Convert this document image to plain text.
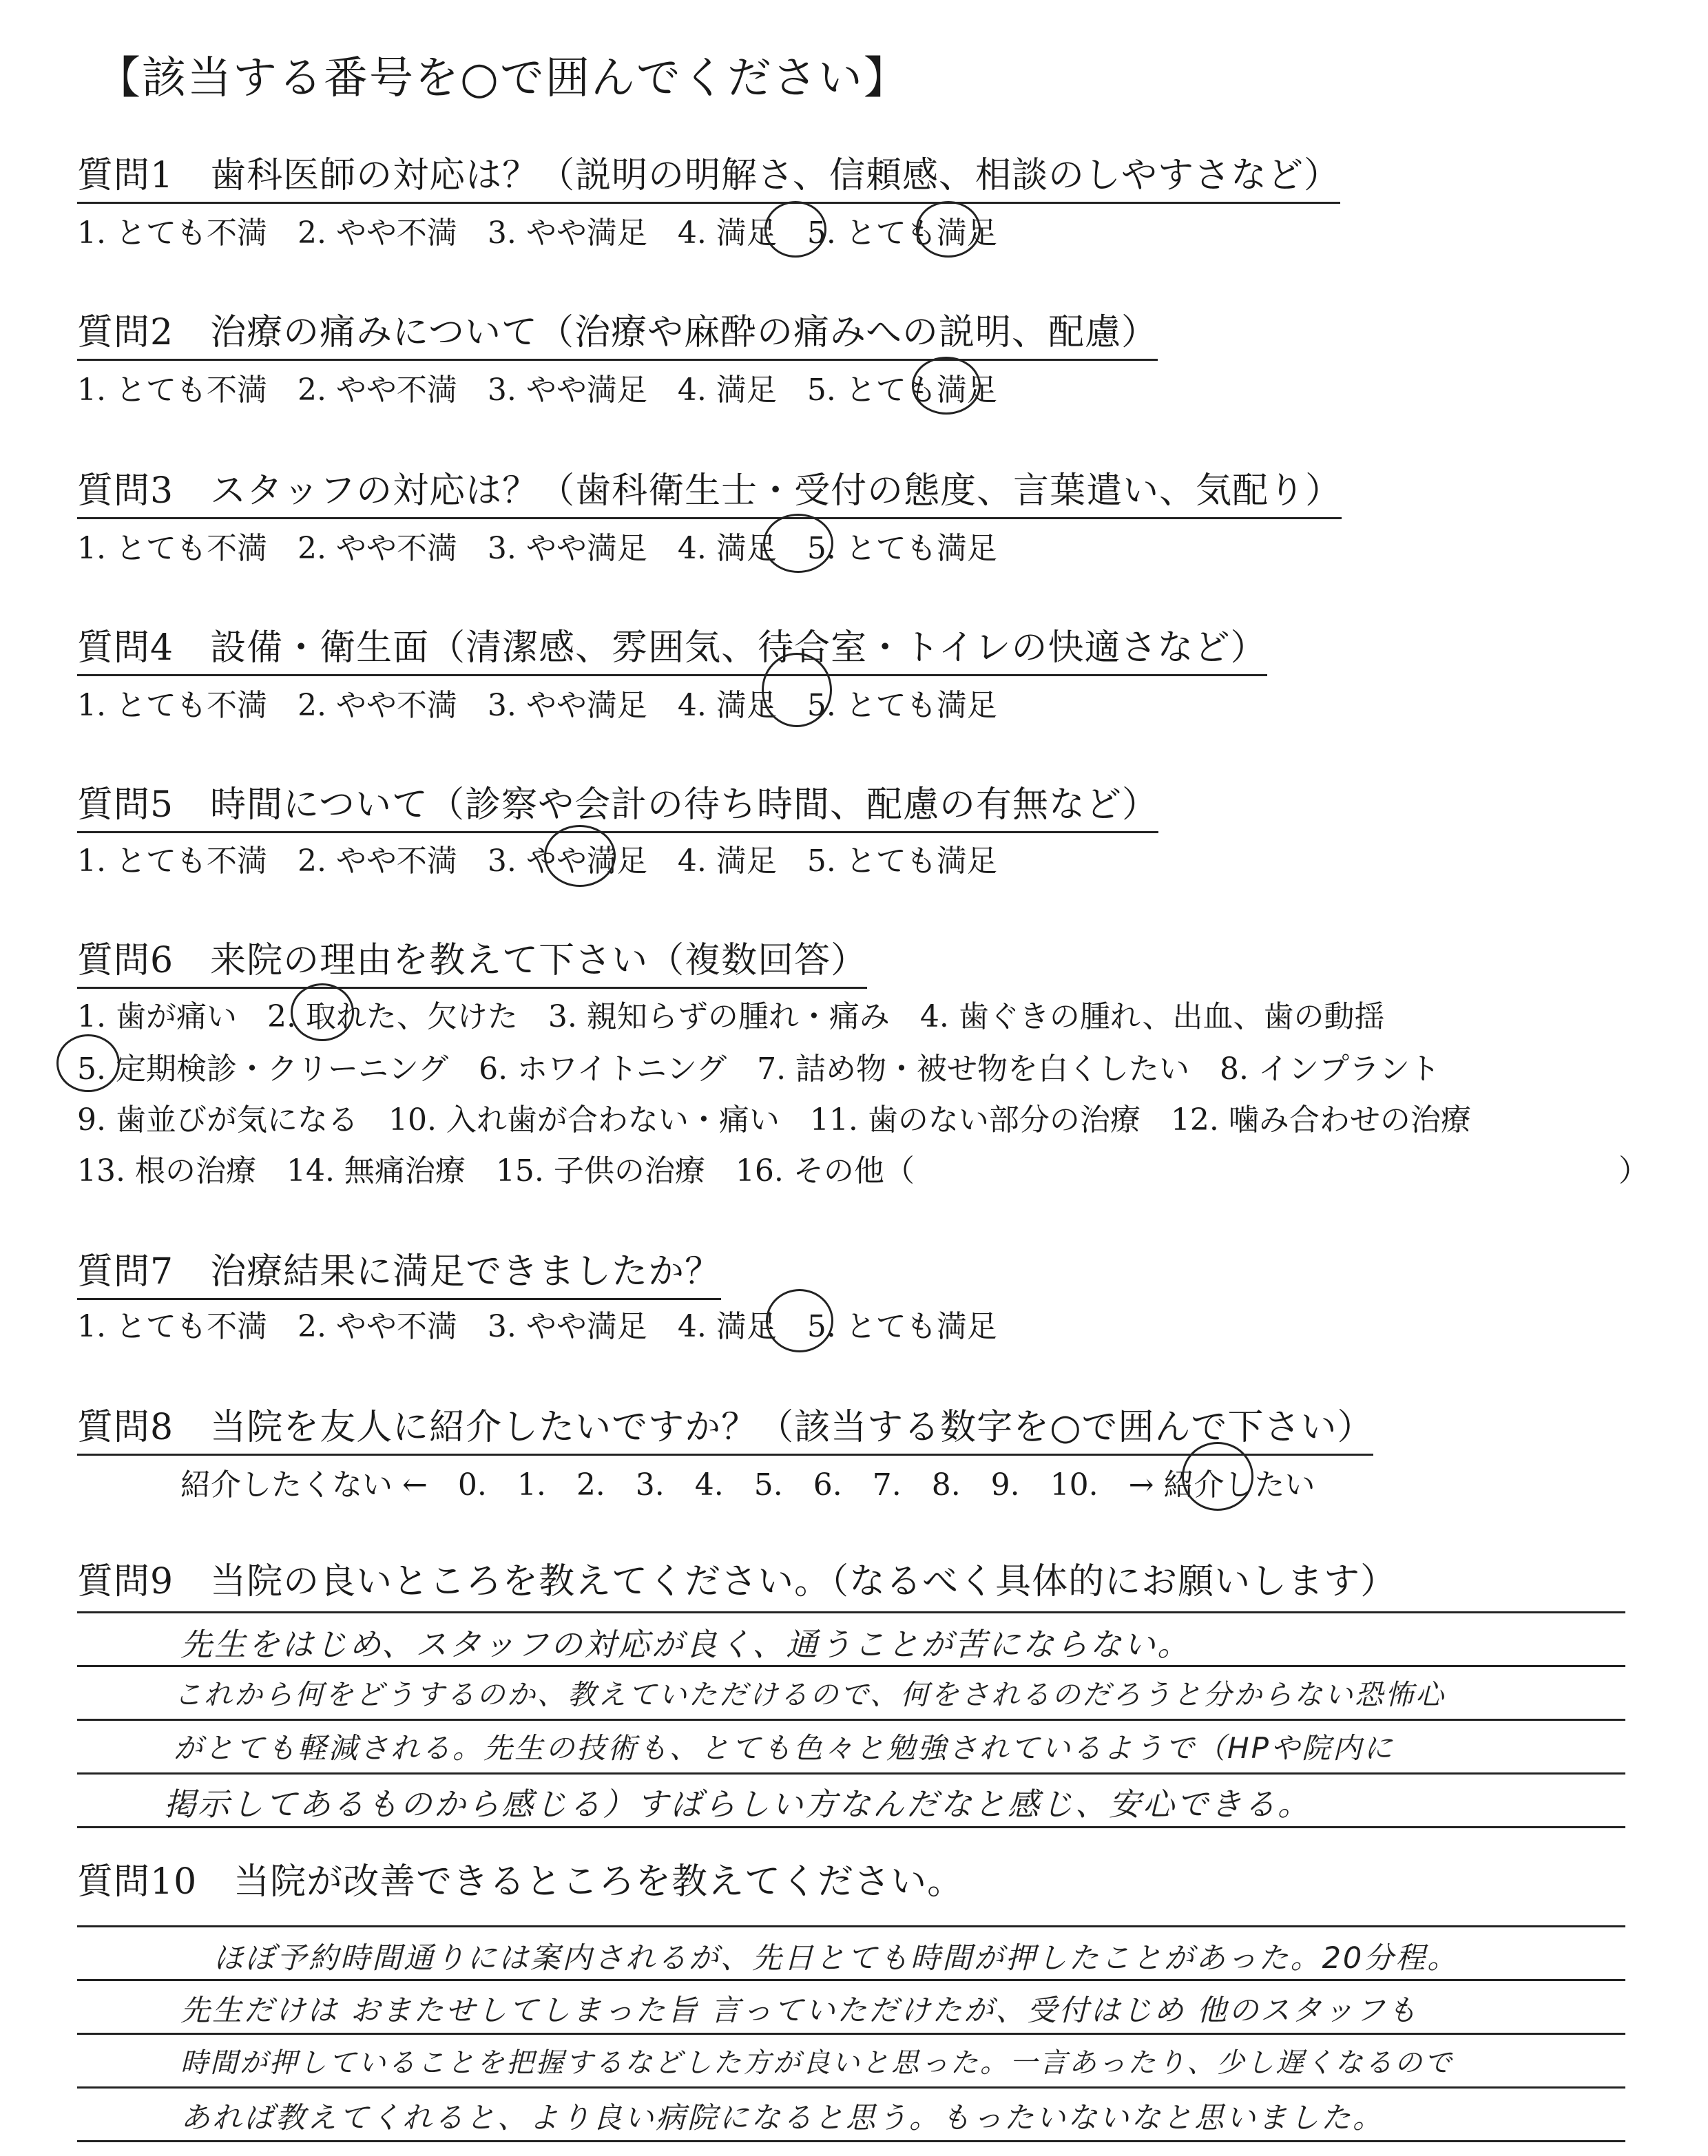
【該当する番号を○で囲んでください】
質問1　歯科医師の対応は？（説明の明解さ、信頼感、相談のしやすさなど）
1. とても不満　2. やや不満　3. やや満足　4. 満足　5. とても満足
質問2　治療の痛みについて（治療や麻酔の痛みへの説明、配慮）
1. とても不満　2. やや不満　3. やや満足　4. 満足　5. とても満足
質問3　スタッフの対応は？（歯科衛生士・受付の態度、言葉遣い、気配り）
1. とても不満　2. やや不満　3. やや満足　4. 満足　5. とても満足
質問4　設備・衛生面（清潔感、雰囲気、待合室・トイレの快適さなど）
1. とても不満　2. やや不満　3. やや満足　4. 満足　5. とても満足
質問5　時間について（診察や会計の待ち時間、配慮の有無など）
1. とても不満　2. やや不満　3. やや満足　4. 満足　5. とても満足
質問6　来院の理由を教えて下さい（複数回答）
1. 歯が痛い　2. 取れた、欠けた　3. 親知らずの腫れ・痛み　4. 歯ぐきの腫れ、出血、歯の動揺
5. 定期検診・クリーニング　6. ホワイトニング　7. 詰め物・被せ物を白くしたい　8. インプラント
9. 歯並びが気になる　10. 入れ歯が合わない・痛い　11. 歯のない部分の治療　12. 噛み合わせの治療
13. 根の治療　14. 無痛治療　15. 子供の治療　16. その他（	）
質問7　治療結果に満足できましたか？
1. とても不満　2. やや不満　3. やや満足　4. 満足　5. とても満足
質問8　当院を友人に紹介したいですか？（該当する数字を○で囲んで下さい）
紹介したくない ←　0.　1.　2.　3.　4.　5.　6.　7.　8.　9.　10.　→ 紹介したい
質問9　当院の良いところを教えてください。（なるべく具体的にお願いします）
先生をはじめ、スタッフの対応が良く、通うことが苦にならない。
これから何をどうするのか、教えていただけるので、何をされるのだろうと分からない恐怖心
がとても軽減される。先生の技術も、とても色々と勉強されているようで（HPや院内に
掲示してあるものから感じる）すばらしい方なんだなと感じ、安心できる。
質問10　当院が改善できるところを教えてください。
ほぼ予約時間通りには案内されるが、先日とても時間が押したことがあった。20分程。
先生だけは おまたせしてしまった旨 言っていただけたが、受付はじめ 他のスタッフも
時間が押していることを把握するなどした方が良いと思った。一言あったり、少し遅くなるので
あれば教えてくれると、より良い病院になると思う。もったいないなと思いました。
